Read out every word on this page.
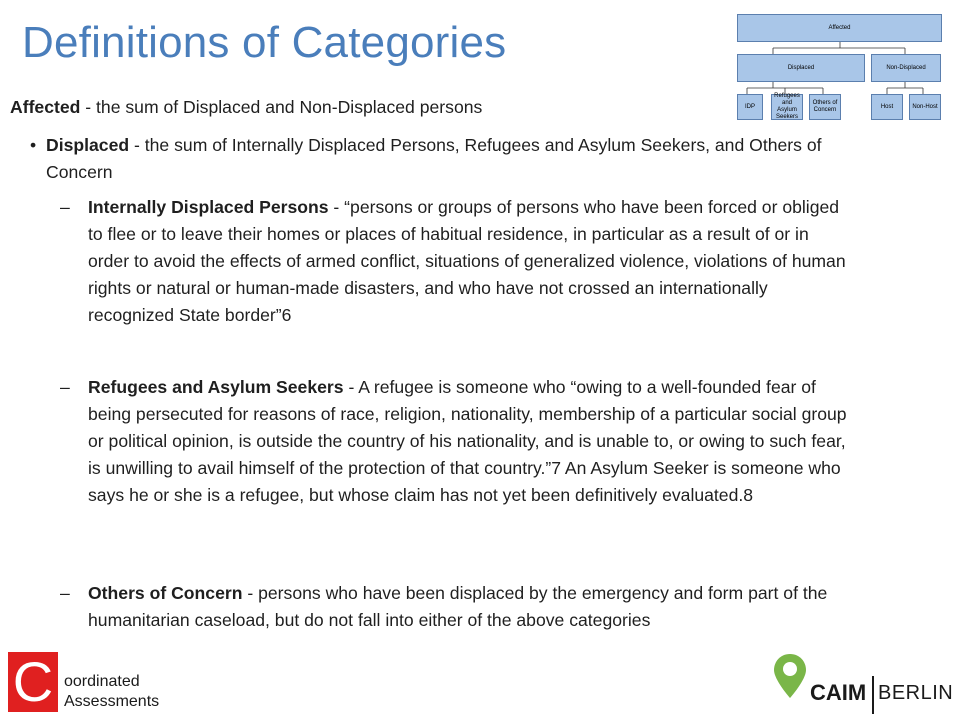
Definitions of Categories	Affected
Displaced	Non-Displaced
IDP
Refugees and Asylum Seekers
Others of Concern
Host	Non-Host
Affected - the sum of Displaced and Non-Displaced persons
• Displaced - the sum of Internally Displaced Persons, Refugees and Asylum Seekers, and Others of Concern
– Internally Displaced Persons - “persons or groups of persons who have been forced or obliged to flee or to leave their homes or places of habitual residence, in particular as a result of or in order to avoid the effects of armed conflict, situations of generalized violence, violations of human rights or natural or human-made disasters, and who have not crossed an internationally recognized State border”6
– Refugees and Asylum Seekers - A refugee is someone who “owing to a well-founded fear of being persecuted for reasons of race, religion, nationality, membership of a particular social group or political opinion, is outside the country of his nationality, and is unable to, or owing to such fear, is unwilling to avail himself of the protection of that country.”7 An Asylum Seeker is someone who says he or she is a refugee, but whose claim has not yet been definitively evaluated.8
– Others of Concern - persons who have been displaced by the emergency and form part of the humanitarian caseload, but do not fall into either of the above categories
C oordinated
Assessments	CAIM BERLIN
